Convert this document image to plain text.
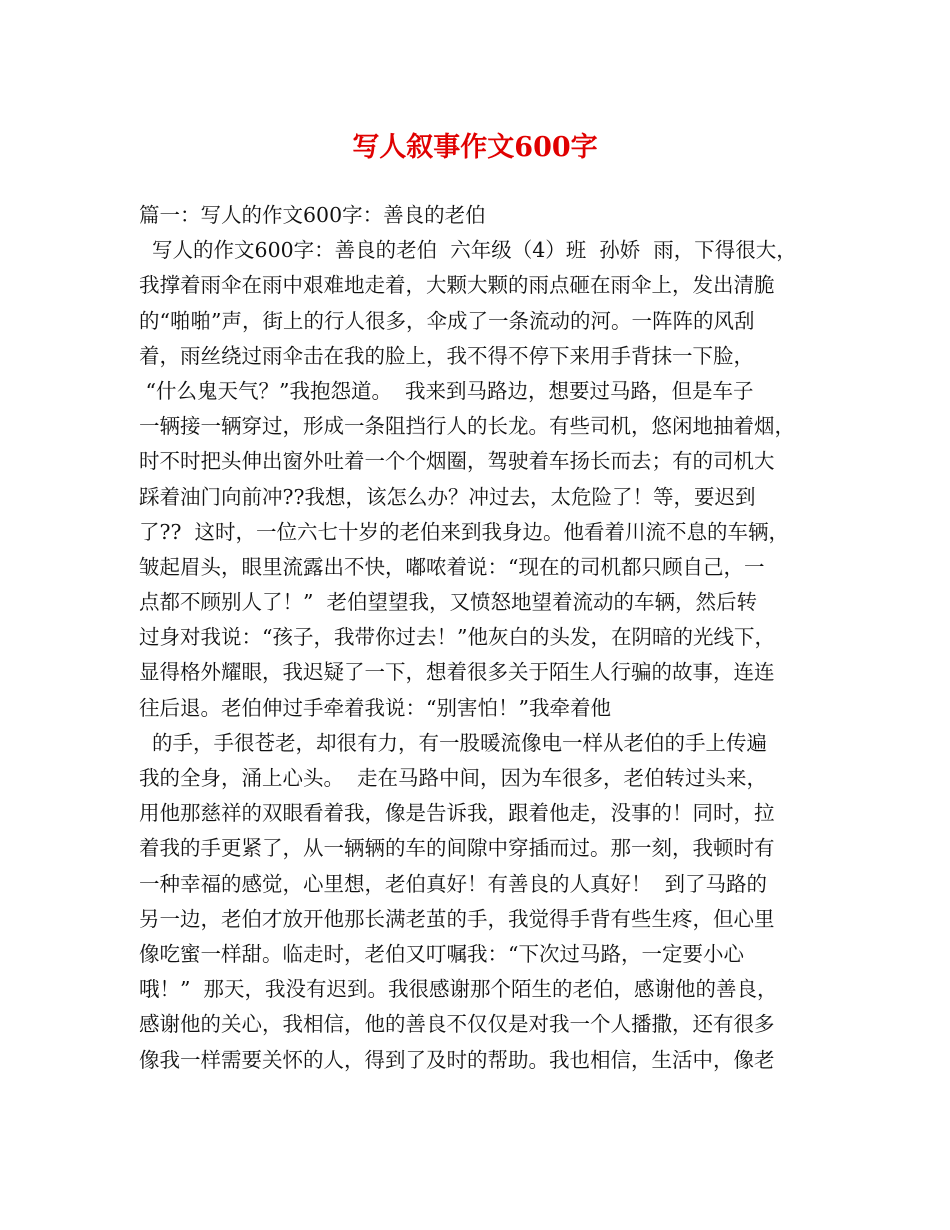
写人叙事作文600字
篇一：写人的作文600字：善良的老伯
写人的作文600字：善良的老伯  六年级（4）班  孙娇  雨，下得很大，
我撑着雨伞在雨中艰难地走着，大颗大颗的雨点砸在雨伞上，发出清脆
的“啪啪”声，街上的行人很多，伞成了一条流动的河。一阵阵的风刮
着，雨丝绕过雨伞击在我的脸上，我不得不停下来用手背抹一下脸，
“什么鬼天气？”我抱怨道。  我来到马路边，想要过马路，但是车子
一辆接一辆穿过，形成一条阻挡行人的长龙。有些司机，悠闲地抽着烟，
时不时把头伸出窗外吐着一个个烟圈，驾驶着车扬长而去；有的司机大
踩着油门向前冲??我想，该怎么办？冲过去，太危险了！等，要迟到
了??  这时，一位六七十岁的老伯来到我身边。他看着川流不息的车辆，
皱起眉头，眼里流露出不快，嘟哝着说：“现在的司机都只顾自己，一
点都不顾别人了！”  老伯望望我，又愤怒地望着流动的车辆，然后转
过身对我说：“孩子，我带你过去！”他灰白的头发，在阴暗的光线下，
显得格外耀眼，我迟疑了一下，想着很多关于陌生人行骗的故事，连连
往后退。老伯伸过手牵着我说：“别害怕！”我牵着他
的手，手很苍老，却很有力，有一股暖流像电一样从老伯的手上传遍
我的全身，涌上心头。  走在马路中间，因为车很多，老伯转过头来，
用他那慈祥的双眼看着我，像是告诉我，跟着他走，没事的！同时，拉
着我的手更紧了，从一辆辆的车的间隙中穿插而过。那一刻，我顿时有
一种幸福的感觉，心里想，老伯真好！有善良的人真好！  到了马路的
另一边，老伯才放开他那长满老茧的手，我觉得手背有些生疼，但心里
像吃蜜一样甜。临走时，老伯又叮嘱我：“下次过马路，一定要小心
哦！”  那天，我没有迟到。我很感谢那个陌生的老伯，感谢他的善良，
感谢他的关心，我相信，他的善良不仅仅是对我一个人播撒，还有很多
像我一样需要关怀的人，得到了及时的帮助。我也相信，生活中，像老
